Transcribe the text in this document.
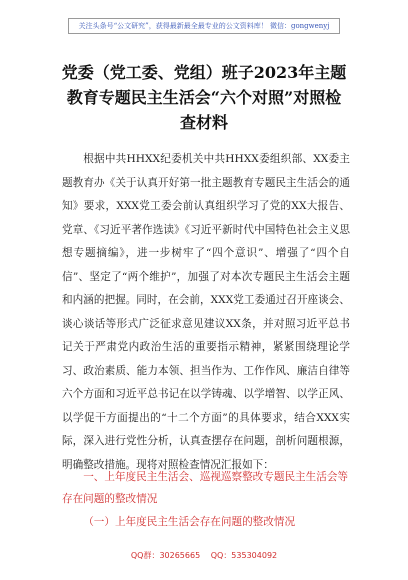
关注头条号“公文研究”，获得最新最全最专业的公文资料库！ 微信：gongwenyj
党委（党工委、党组）班子2023年主题
教育专题民主生活会“六个对照”对照检
查材料

根据中共HHXX纪委机关中共HHXX委组织部、XX委主题教育办《关于认真开好第一批主题教育专题民主生活会的通知》要求，XXX党工委会前认真组织学习了党的XX大报告、党章、《习近平著作选读》《习近平新时代中国特色社会主义思想专题摘编》，进一步树牢了“四个意识”、增强了“四个自信”、坚定了“两个维护”，加强了对本次专题民主生活会主题和内涵的把握。同时，在会前，XXX党工委通过召开座谈会、谈心谈话等形式广泛征求意见建议XX条，并对照习近平总书记关于严肃党内政治生活的重要指示精神，紧紧围绕理论学习、政治素质、能力本领、担当作为、工作作风、廉洁自律等六个方面和习近平总书记在以学铸魂、以学增智、以学正风、以学促干方面提出的“十二个方面”的具体要求，结合XXX实际，深入进行党性分析，认真查摆存在问题，剖析问题根源，明确整改措施。现将对照检查情况汇报如下：

一、上年度民主生活会、巡视巡察整改专题民主生活会等存在问题的整改情况
（一）上年度民主生活会存在问题的整改情况
QQ群：30265665 QQ：535304092
